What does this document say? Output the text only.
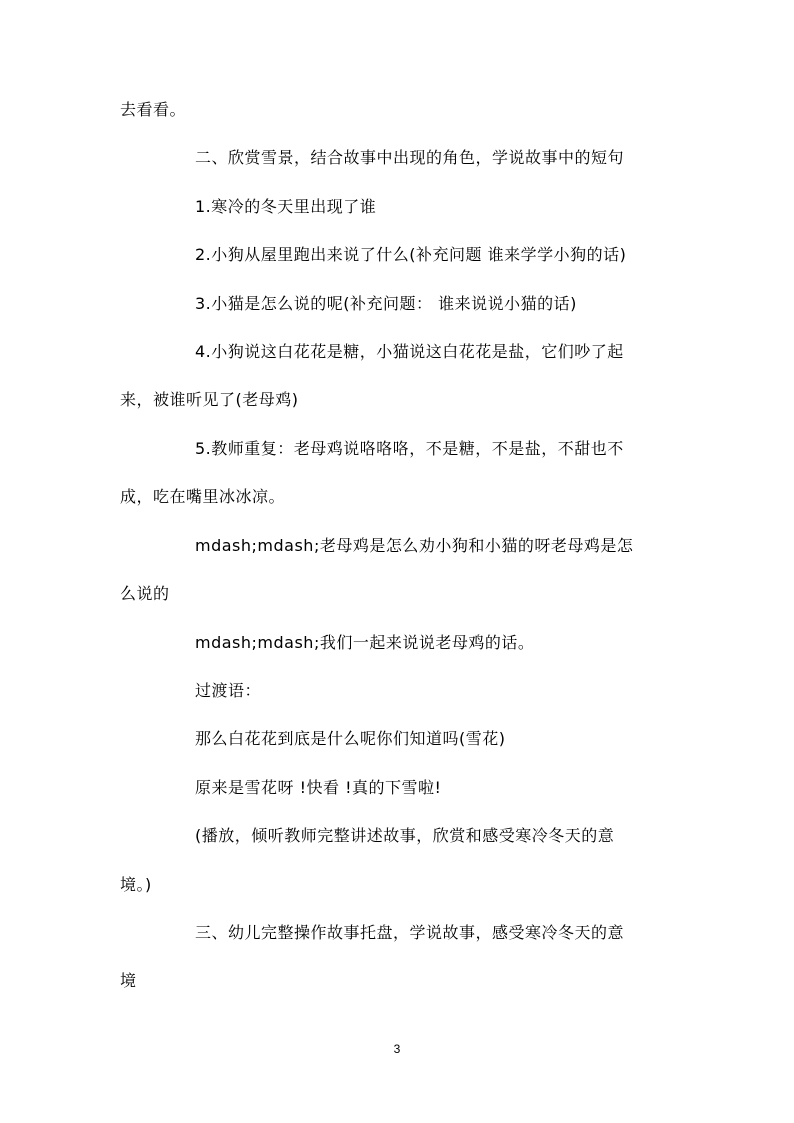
去看看。
二、欣赏雪景，结合故事中出现的角色，学说故事中的短句
1.寒冷的冬天里出现了谁
2.小狗从屋里跑出来说了什么(补充问题 谁来学学小狗的话)
3.小猫是怎么说的呢(补充问题： 谁来说说小猫的话)
4.小狗说这白花花是糖，小猫说这白花花是盐，它们吵了起
来，被谁听见了(老母鸡)
5.教师重复：老母鸡说咯咯咯，不是糖，不是盐，不甜也不
成，吃在嘴里冰冰凉。
mdash;mdash;老母鸡是怎么劝小狗和小猫的呀老母鸡是怎
么说的
mdash;mdash;我们一起来说说老母鸡的话。
过渡语：
那么白花花到底是什么呢你们知道吗(雪花)
原来是雪花呀 !快看 !真的下雪啦!
(播放，倾听教师完整讲述故事，欣赏和感受寒冷冬天的意
境。)
三、幼儿完整操作故事托盘，学说故事，感受寒冷冬天的意
境
3
